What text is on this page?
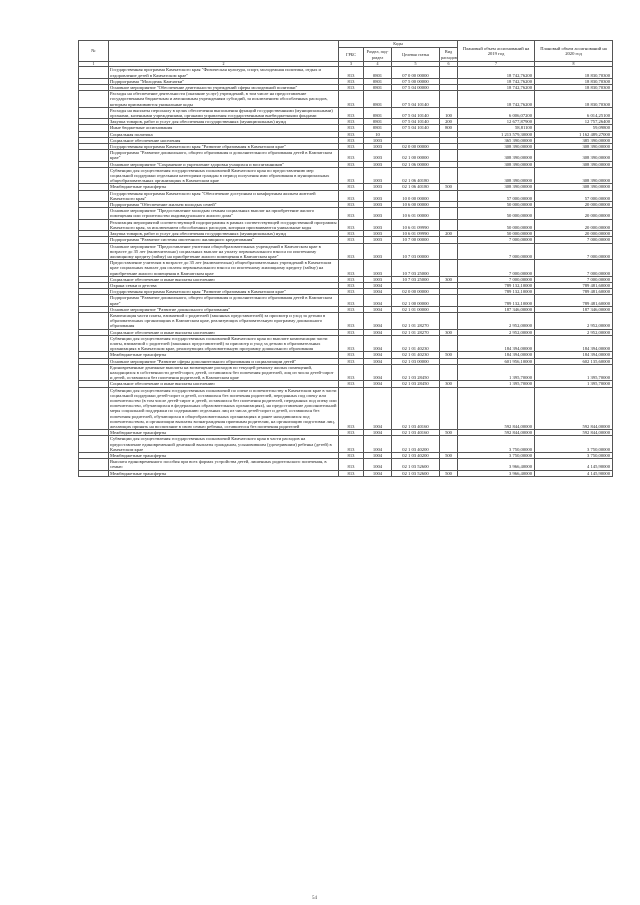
№		Коды				Плановый объем ассигнований на 2019 год	Плановый объем ассигнований на 2020 год
		ГРБС	Раздел, под-раздел	Целевая статья	Вид расходов		
1	2	3	4	5	6	7	8
	Государственная программа Камчатского края "Физическая культура, спорт, молодежная политика, отдых и оздоровление детей в Камчатском крае"	813	0801	07 0 00 00000		18 742,76200	18 830,70300
	Подпрограмма "Молодежь Камчатки"	813	0801	07 5 00 00000		18 742,76200	18 830,70300
	Основное мероприятие "Обеспечение деятельности учреждений сферы молодежной политики"	813	0801	07 5 04 00000		18 742,76200	18 830,70300
	Расходы на обеспечение деятельности (оказание услуг) учреждений, в том числе на предоставление государственным бюджетным и автономным учреждениям субсидий, за исключением обособленных расходов, которым присваиваются уникальные коды	813	0801	07 5 04 10140		18 742,76200	18 830,70300
	Расходы на выплаты персоналу в целях обеспечения выполнения функций государственными (муниципальными) органами, казенными учреждениями, органами управления государственными внебюджетными фондами	813	0801	07 5 04 10140	100	6 006,07200	6 014,25100
	Закупка товаров, работ и услуг для обеспечения государственных (муниципальных) нужд	813	0801	07 5 04 10140	200	12 677,87900	12 757,26400
	Иные бюджетные ассигнования	813	0801	07 5 04 10140	800	58,81100	59,09800
	Социальная политика	813	10			1 213 579,30000	1 162 489,27000
	Социальное обеспечение населения	813	1003			365 390,00000	385 390,00000
	Государственная программа Камчатского края "Развитие образования в Камчатском крае"	813	1003	02 0 00 00000		308 390,00000	308 390,00000
	Подпрограмма "Развитие дошкольного, общего образования и дополнительного образования детей в Камчатском крае"	813	1003	02 1 00 00000		308 390,00000	308 390,00000
	Основное мероприятие "Сохранение и укрепление здоровья учащихся и воспитанников"	813	1003	02 1 06 00000		308 390,00000	308 390,00000
	Субвенции для осуществления государственных полномочий Камчатского края по предоставлению мер социальной поддержки отдельным категориям граждан в период получения ими образования в муниципальных общеобразовательных организациях в Камчатском крае	813	1003	02 1 06 40180		308 390,00000	308 390,00000
	Межбюджетные трансферты	813	1003	02 1 06 40180	500	308 390,00000	308 390,00000
	Государственная программа Камчатского края "Обеспечение доступным и комфортным жильем жителей Камчатского края"	813	1003	10 0 00 00000		57 000,00000	57 000,00000
	Подпрограмма "Обеспечение жильем молодых семей"	813	1003	10 6 00 00000		50 000,00000	20 000,00000
	Основное мероприятие "Предоставление молодым семьям социальных выплат на приобретение жилого помещения или строительство индивидуального жилого дома"	813	1003	10 6 01 00000		50 000,00000	20 000,00000
	Реализация мероприятий соответствующей подпрограммы в рамках соответствующей государственной программы Камчатского края, за исключением обособленных расходов, которым присваиваются уникальные коды	813	1003	10 6 01 09990		50 000,00000	20 000,00000
	Закупка товаров, работ и услуг для обеспечения государственных (муниципальных) нужд	813	1003	10 6 01 09990	200	50 000,00000	20 000,00000
	Подпрограмма "Развитие системы ипотечного жилищного кредитования"	813	1003	10 7 00 00000		7 000,00000	7 000,00000
	Основное мероприятие "Предоставление учителям общеобразовательных учреждений в Камчатском крае в возрасте до 35 лет (включительно) социальных выплат на уплату первоначального взноса по ипотечному жилищному кредиту (займу) на приобретение жилого помещения в Камчатском крае"	813	1003	10 7 03 00000		7 000,00000	7 000,00000
	Предоставление учителям в возрасте до 35 лет (включительно) общеобразовательных учреждений в Камчатском крае социальных выплат для оплаты первоначального взноса по ипотечному жилищному кредиту (займу) на приобретение жилого помещения в Камчатском крае	813	1003	10 7 03 25000		7 000,00000	7 000,00000
	Социальное обеспечение и иные выплаты населению	813	1003	10 7 03 25000	300	7 000,00000	7 000,00000
	Охрана семьи и детства	813	1004			789 132,10000	789 481,60000
	Государственная программа Камчатского края "Развитие образования в Камчатском крае"	813	1004	02 0 00 00000		789 132,10000	789 481,60000
	Подпрограмма "Развитие дошкольного, общего образования и дополнительного образования детей в Камчатском крае"	813	1004	02 1 00 00000		789 132,10000	789 481,60000
	Основное мероприятие "Развитие дошкольного образования"	813	1004	02 1 01 00000		187 346,00000	187 346,00000
	Компенсация части платы, взимаемой с родителей (законных представителей) за присмотр и уход за детьми в образовательных организациях в Камчатском крае, реализующих образовательную программу дошкольного образования	813	1004	02 1 01 28270		2 952,00000	2 952,00000
	Социальное обеспечение и иные выплаты населению	813	1004	02 1 01 28270	300	2 952,00000	2 952,00000
	Субвенции для осуществления государственных полномочий Камчатского края по выплате компенсации части платы, взимаемой с родителей (законных представителей) за присмотр и уход за детьми в образовательных организациях в Камчатском крае, реализующих образовательную программу дошкольного образования	813	1004	02 1 01 40230		184 394,00000	184 394,00000
	Межбюджетные трансферты	813	1004	02 1 01 40230	500	184 394,00000	184 394,00000
	Основное мероприятие "Развитие сферы дополнительного образования и социализации детей"	813	1004	02 1 03 00000		601 956,10000	602 135,60000
	Единовременные денежные выплаты на возмещение расходов по текущей ремонту жилых помещений, находящихся в собственности детей-сирот, детей, оставшихся без попечения родителей, лиц из числа детей-сирот и детей, оставшихся без попечения родителей, в Камчатском крае	813	1004	02 1 03 28450		1 395,70000	1 395,70000
	Социальное обеспечение и иные выплаты населению	813	1004	02 1 03 28450	300	1 395,70000	1 395,70000
	Субвенции для осуществления государственных полномочий по опеке и попечительству в Камчатском крае в части социальной поддержки детей-сирот и детей, оставшихся без попечения родителей, переданных под опеку или попечительство (в том числе детей-сирот и детей, оставшихся без попечения родителей, переданных под опеку или попечительство, обучающихся в федеральных образовательных организациях), на предоставление дополнительной меры социальной поддержки по содержанию отдельных лиц из числа детей-сирот и детей, оставшихся без попечения родителей, обучающихся в общеобразовательных организациях и ранее находившихся под попечительством, и организации выплаты вознаграждения приемным родителям, на организацию подготовки лиц, желающих принять на воспитание в свою семью ребенка, оставшегося без попечения родителей	813	1004	02 1 03 40160		592 844,00000	592 844,00000
	Межбюджетные трансферты	813	1004	02 1 03 40160	500	592 844,00000	592 844,00000
	Субвенции для осуществления государственных полномочий Камчатского края в части расходов на предоставление единовременной денежной выплаты гражданам, усыновившим (удочерившим) ребенка (детей) в Камчатском крае	813	1004	02 1 03 40200		3 750,00000	3 750,00000
	Межбюджетные трансферты	813	1004	02 1 03 40200	500	3 750,00000	3 750,00000
	Выплата единовременного пособия при всех формах устройства детей, лишенных родительского попечения, в семью	813	1004	02 1 03 52600		3 966,40000	4 145,90000
	Межбюджетные трансферты	813	1004	02 1 03 52600	500	3 966,40000	4 145,90000
54
